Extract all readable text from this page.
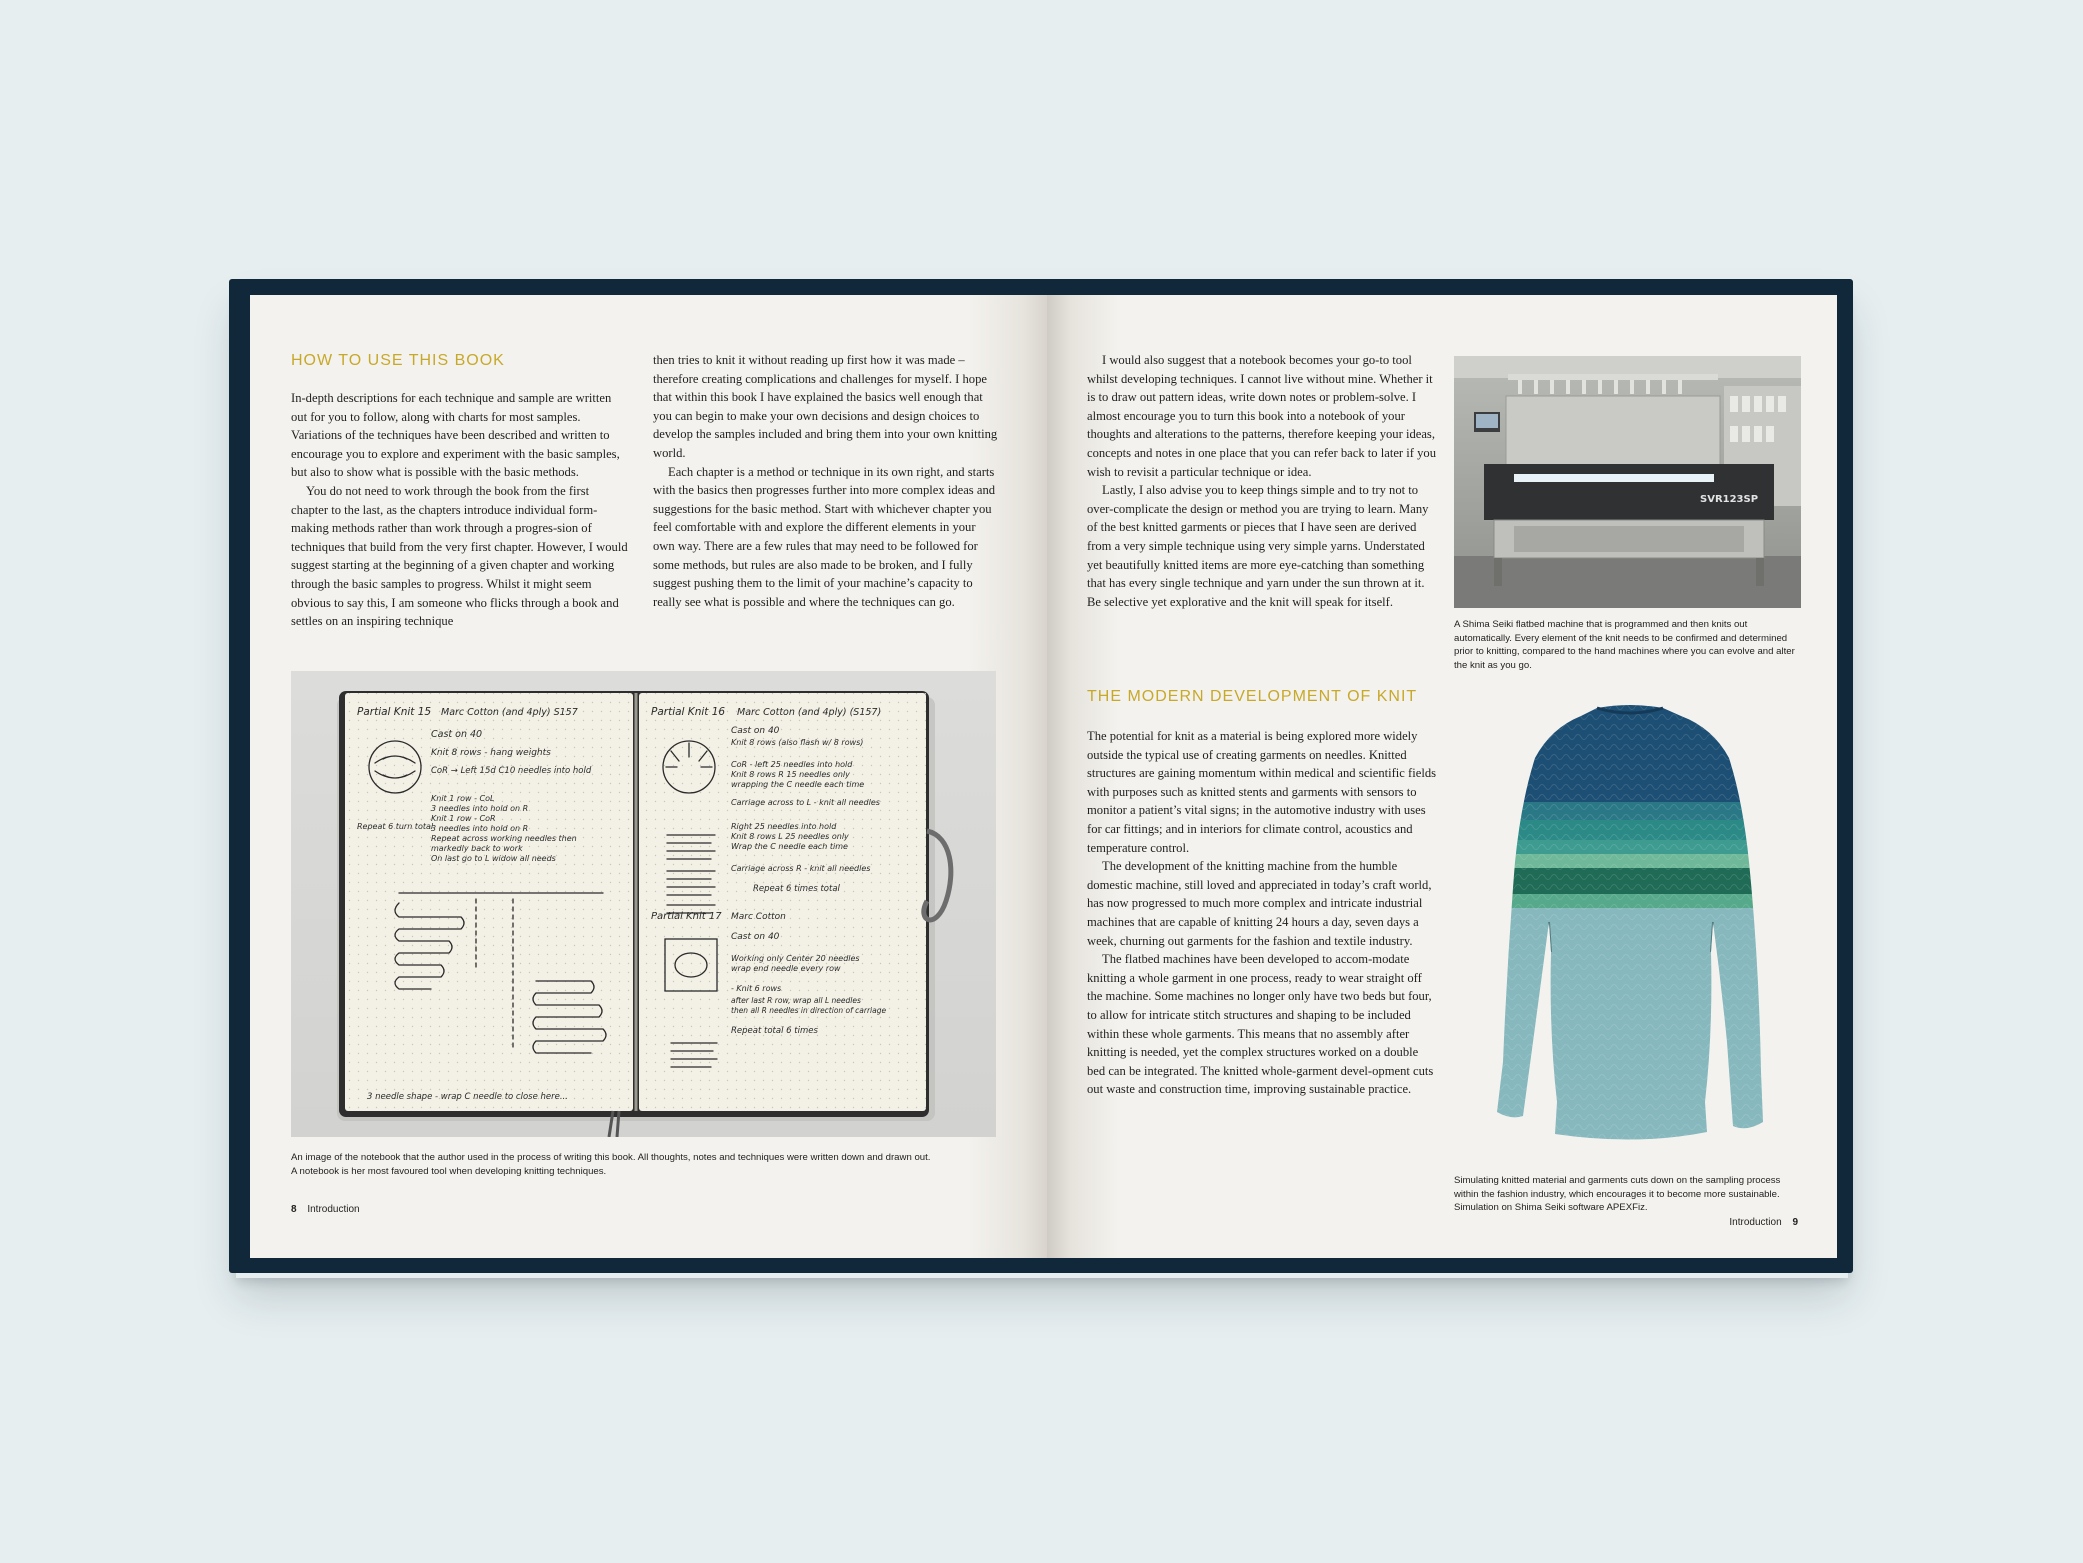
HOW TO USE THIS BOOK

In-depth descriptions for each technique and sample are written out for you to follow, along with charts for most samples. Variations of the techniques have been described and written to encourage you to explore and experiment with the basic samples, but also to show what is possible with the basic methods.

You do not need to work through the book from the first chapter to the last, as the chapters introduce individual form-making methods rather than work through a progres-sion of techniques that build from the very first chapter. However, I would suggest starting at the beginning of a given chapter and working through the basic samples to progress. Whilst it might seem obvious to say this, I am someone who flicks through a book and settles on an inspiring technique

then tries to knit it without reading up first how it was made – therefore creating complications and challenges for myself. I hope that within this book I have explained the basics well enough that you can begin to make your own decisions and design choices to develop the samples included and bring them into your own knitting world.

Each chapter is a method or technique in its own right, and starts with the basics then progresses further into more complex ideas and suggestions for the basic method. Start with whichever chapter you feel comfortable with and explore the different elements in your own way. There are a few rules that may need to be followed for some methods, but rules are also made to be broken, and I fully suggest pushing them to the limit of your machine’s capacity to really see what is possible and where the techniques can go.

Partial Knit 15 Marc Cotton (and 4ply) S157
Cast on 40
Knit 8 rows - hang weights
CoR → Left 15d C10 needles into hold
Knit 1 row - CoL
3 needles into hold on R
Knit 1 row - CoR
3 needles into hold on R
Repeat across working needles then
markedly back to work
On last go to L widow all needs
Repeat 6 turn total
3 needle shape - wrap C needle to close here...
Partial Knit 16 Marc Cotton (and 4ply) (S157)
Cast on 40
Knit 8 rows (also flash w/ 8 rows)
CoR - left 25 needles into hold
Knit 8 rows R 15 needles only
wrapping the C needle each time
Carriage across to L - knit all needles
Right 25 needles into hold
Knit 8 rows L 25 needles only
Wrap the C needle each time
Carriage across R - knit all needles
Repeat 6 times total
Partial Knit 17 Marc Cotton
Cast on 40
Working only Center 20 needles
wrap end needle every row
- Knit 6 rows
after last R row, wrap all L needles
then all R needles in direction of carriage
Repeat total 6 times
An image of the notebook that the author used in the process of writing this book. All thoughts, notes and techniques were written down and drawn out.
A notebook is her most favoured tool when developing knitting techniques.
8 Introduction

I would also suggest that a notebook becomes your go-to tool whilst developing techniques. I cannot live without mine. Whether it is to draw out pattern ideas, write down notes or problem-solve. I almost encourage you to turn this book into a notebook of your thoughts and alterations to the patterns, therefore keeping your ideas, concepts and notes in one place that you can refer back to later if you wish to revisit a particular technique or idea.

Lastly, I also advise you to keep things simple and to try not to over-complicate the design or method you are trying to learn. Many of the best knitted garments or pieces that I have seen are derived from a very simple technique using very simple yarns. Understated yet beautifully knitted items are more eye-catching than something that has every single technique and yarn under the sun thrown at it. Be selective yet explorative and the knit will speak for itself.

THE MODERN DEVELOPMENT OF KNIT

The potential for knit as a material is being explored more widely outside the typical use of creating garments on needles. Knitted structures are gaining momentum within medical and scientific fields with purposes such as knitted stents and garments with sensors to monitor a patient’s vital signs; in the automotive industry with uses for car fittings; and in interiors for climate control, acoustics and temperature control.

The development of the knitting machine from the humble domestic machine, still loved and appreciated in today’s craft world, has now progressed to much more complex and intricate industrial machines that are capable of knitting 24 hours a day, seven days a week, churning out garments for the fashion and textile industry.

The flatbed machines have been developed to accom-modate knitting a whole garment in one process, ready to wear straight off the machine. Some machines no longer only have two beds but four, to allow for intricate stitch structures and shaping to be included within these whole garments. This means that no assembly after knitting is needed, yet the complex structures worked on a double bed can be integrated. The knitted whole-garment devel-opment cuts out waste and construction time, improving sustainable practice.

SVR123SP
A Shima Seiki flatbed machine that is programmed and then knits out automatically. Every element of the knit needs to be confirmed and determined prior to knitting, compared to the hand machines where you can evolve and alter the knit as you go.
Simulating knitted material and garments cuts down on the sampling process within the fashion industry, which encourages it to become more sustainable. Simulation on Shima Seiki software APEXFiz.
Introduction 9
